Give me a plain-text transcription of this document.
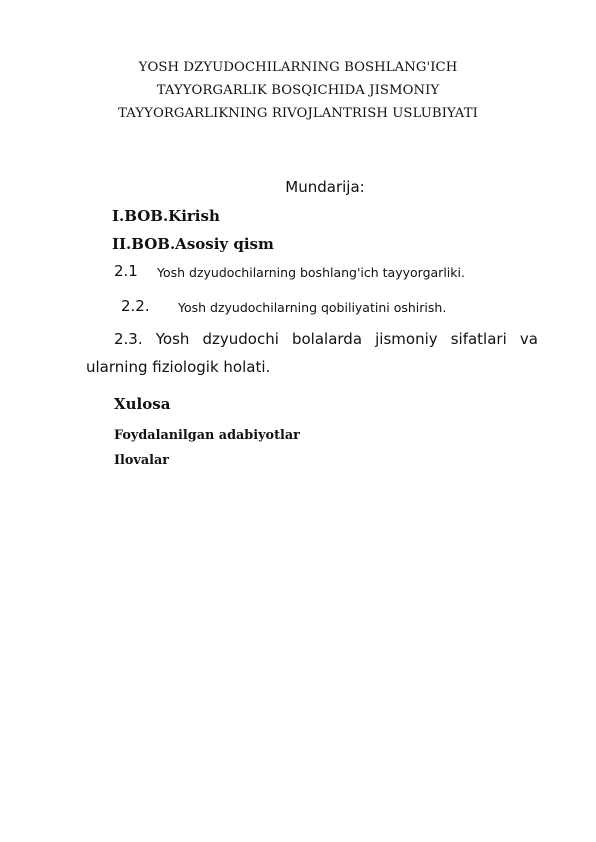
YOSH DZYUDOCHILARNING BOSHLANG'ICH
TAYYORGARLIK BOSQICHIDA JISMONIY
TAYYORGARLIKNING RIVOJLANTRISH USLUBIYATI
Mundarija:
I.BOB.Kirish
II.BOB.Asosiy qism
2.1 Yosh dzyudochilarning boshlang'ich tayyorgarliki.
2.2. Yosh dzyudochilarning qobiliyatini oshirish.
2.3. Yosh dzyudochi bolalarda jismoniy sifatlari va
ularning fiziologik holati.
Xulosa
Foydalanilgan adabiyotlar
Ilovalar
